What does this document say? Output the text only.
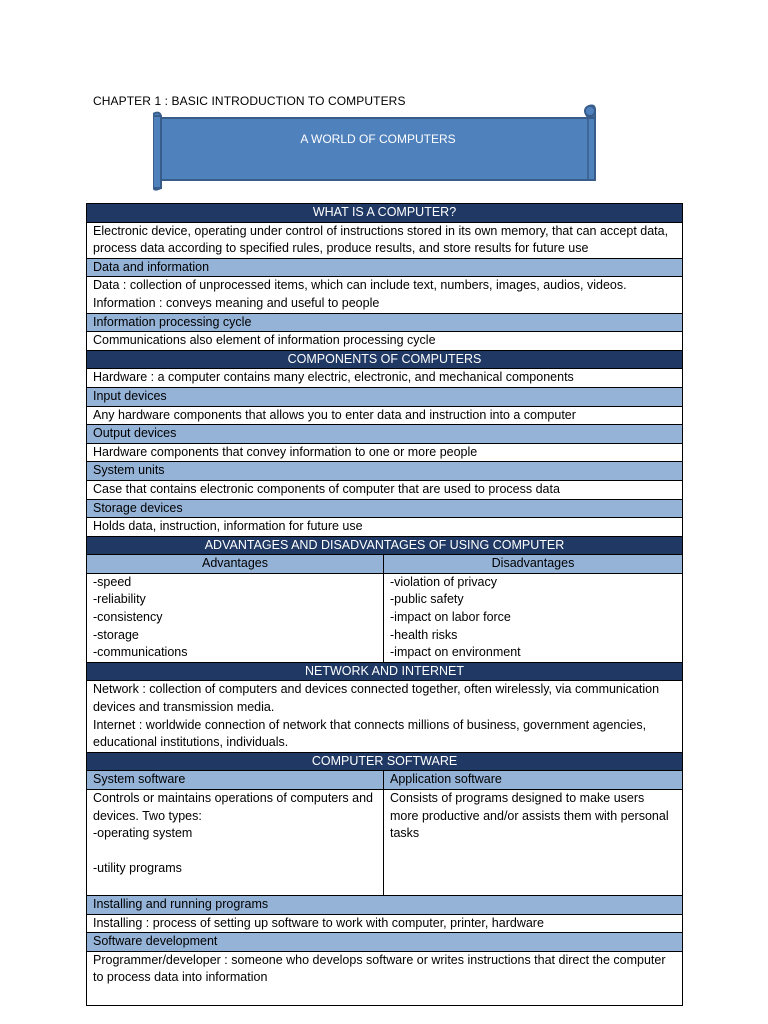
CHAPTER 1 : BASIC INTRODUCTION TO COMPUTERS
A WORLD OF COMPUTERS
WHAT IS A COMPUTER?
Electronic device, operating under control of instructions stored in its own memory, that can accept data, process data according to specified rules, produce results, and store results for future use
Data and information
Data : collection of unprocessed items, which can include text, numbers, images, audios, videos.
Information : conveys meaning and useful to people
Information processing cycle
Communications also element of information processing cycle
COMPONENTS OF COMPUTERS
Hardware : a computer contains many electric, electronic, and mechanical components
Input devices
Any hardware components that allows you to enter data and instruction into a computer
Output devices
Hardware components that convey information to one or more people
System units
Case that contains electronic components of computer that are used to process data
Storage devices
Holds data, instruction, information for future use
ADVANTAGES AND DISADVANTAGES OF USING COMPUTER
Advantages	Disadvantages
-speed
-reliability
-consistency
-storage
-communications
-violation of privacy
-public safety
-impact on labor force
-health risks
-impact on environment
NETWORK AND INTERNET
Network : collection of computers and devices connected together, often wirelessly, via communication devices and transmission media.
Internet : worldwide connection of network that connects millions of business, government agencies, educational institutions, individuals.
COMPUTER SOFTWARE
System software	Application software
Controls or maintains operations of computers and devices. Two types:
-operating system
-utility programs
Consists of programs designed to make users more productive and/or assists them with personal tasks
Installing and running programs
Installing : process of setting up software to work with computer, printer, hardware
Software development
Programmer/developer : someone who develops software or writes instructions that direct the computer to process data into information
